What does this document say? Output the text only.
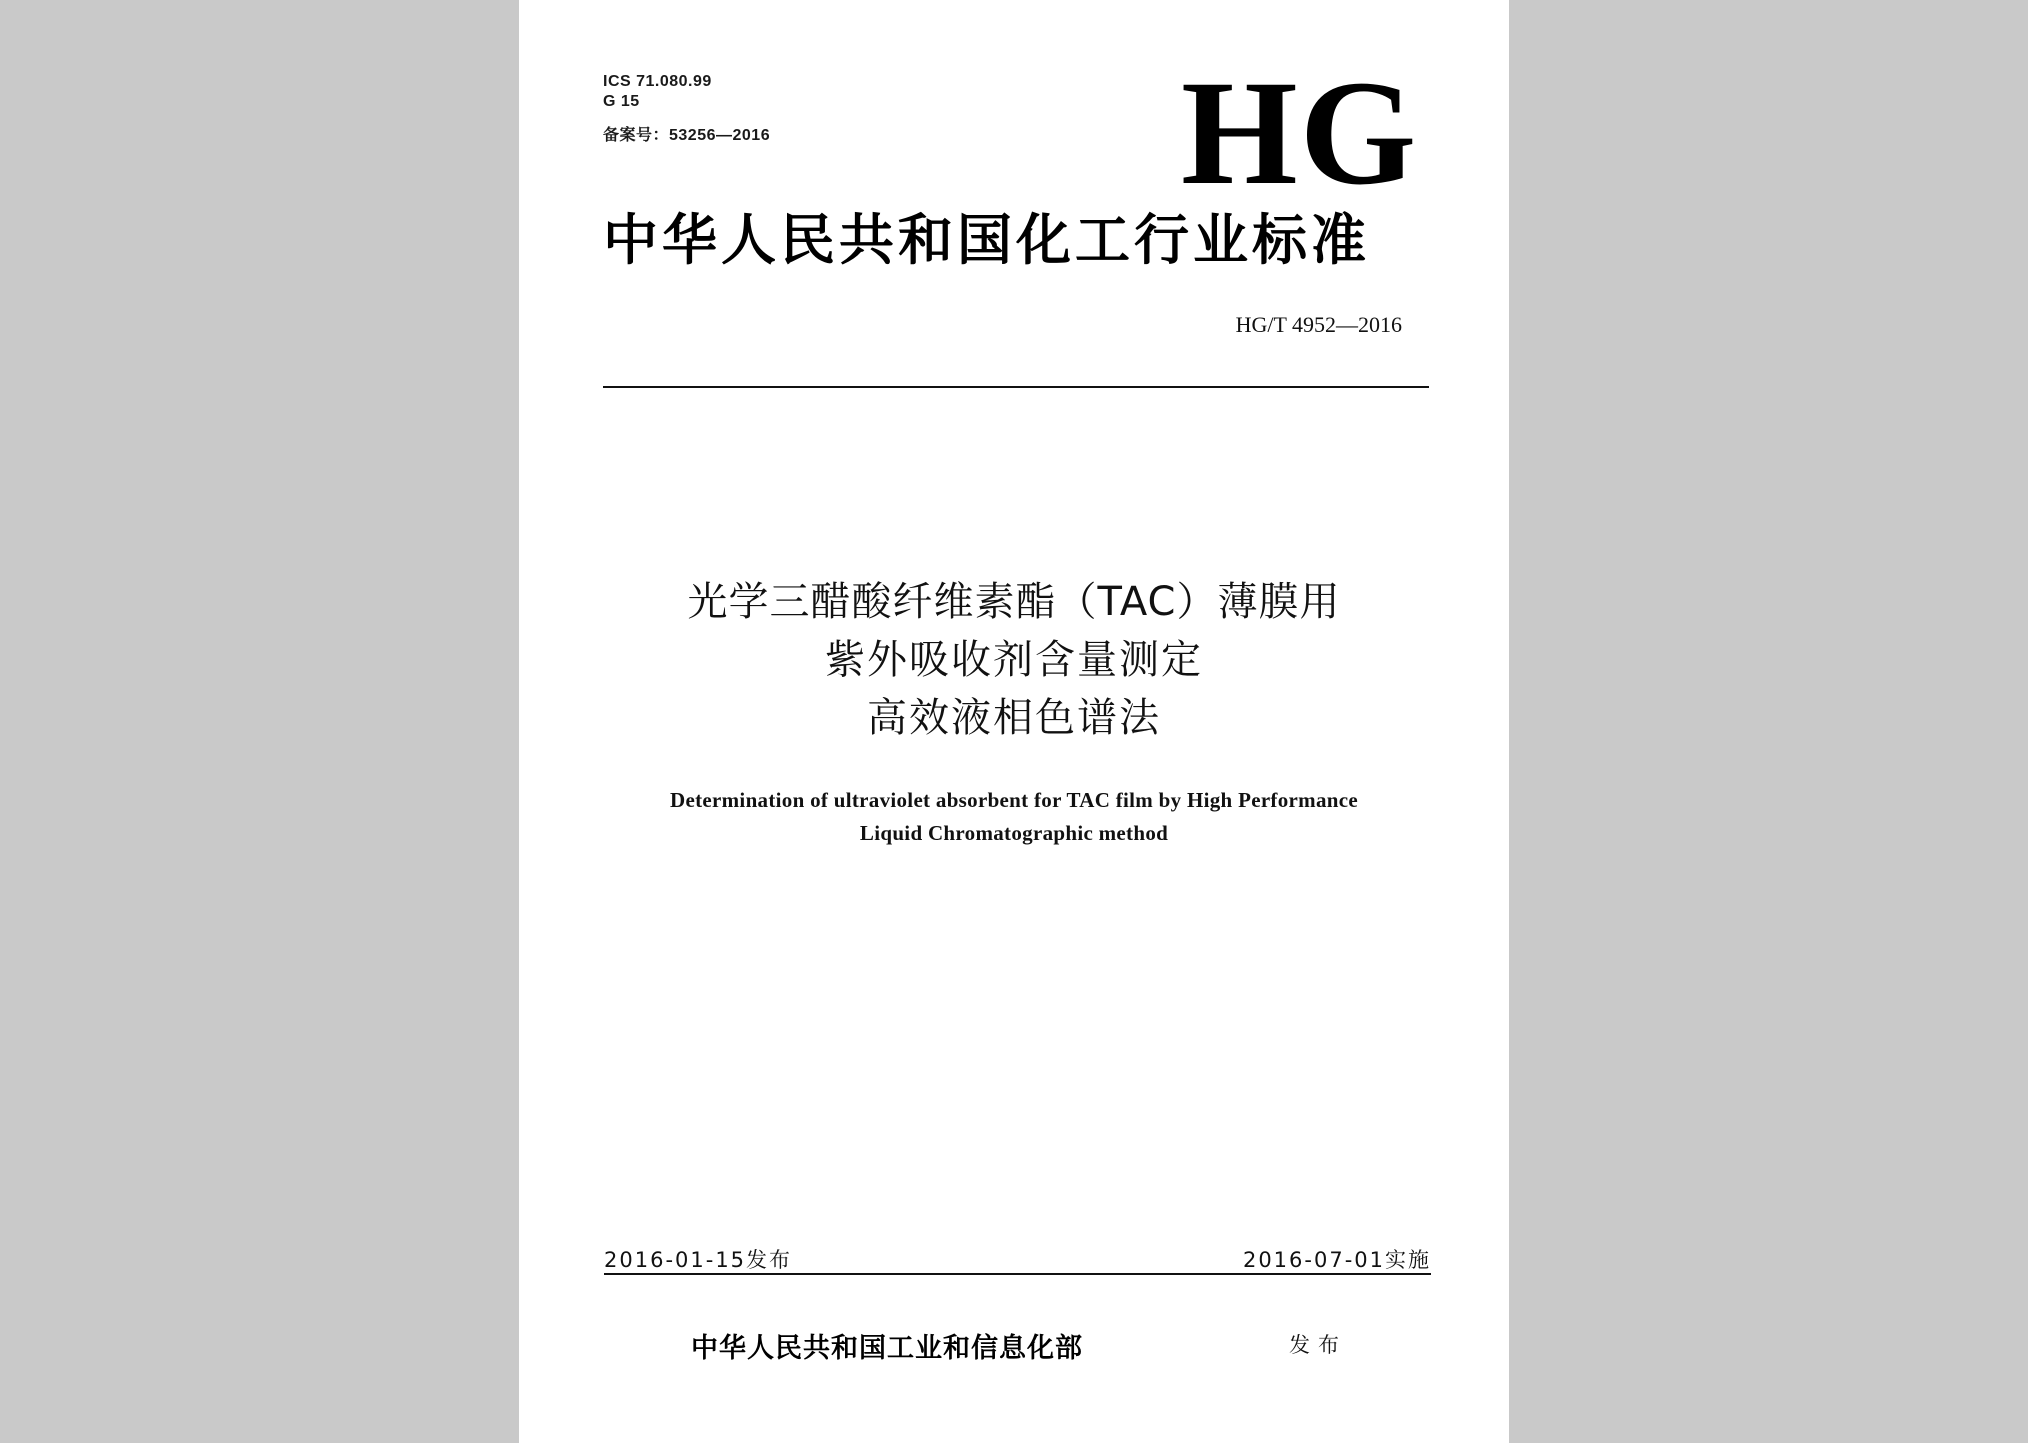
ICS 71.080.99
G 15
备案号：53256—2016	HG
中华人民共和国化工行业标准
HG/T 4952—2016
光学三醋酸纤维素酯（TAC）薄膜用
紫外吸收剂含量测定
高效液相色谱法
Determination of ultraviolet absorbent for TAC film by High Performance
Liquid Chromatographic method
2016-01-15发布	2016-07-01实施
中华人民共和国工业和信息化部	发布
